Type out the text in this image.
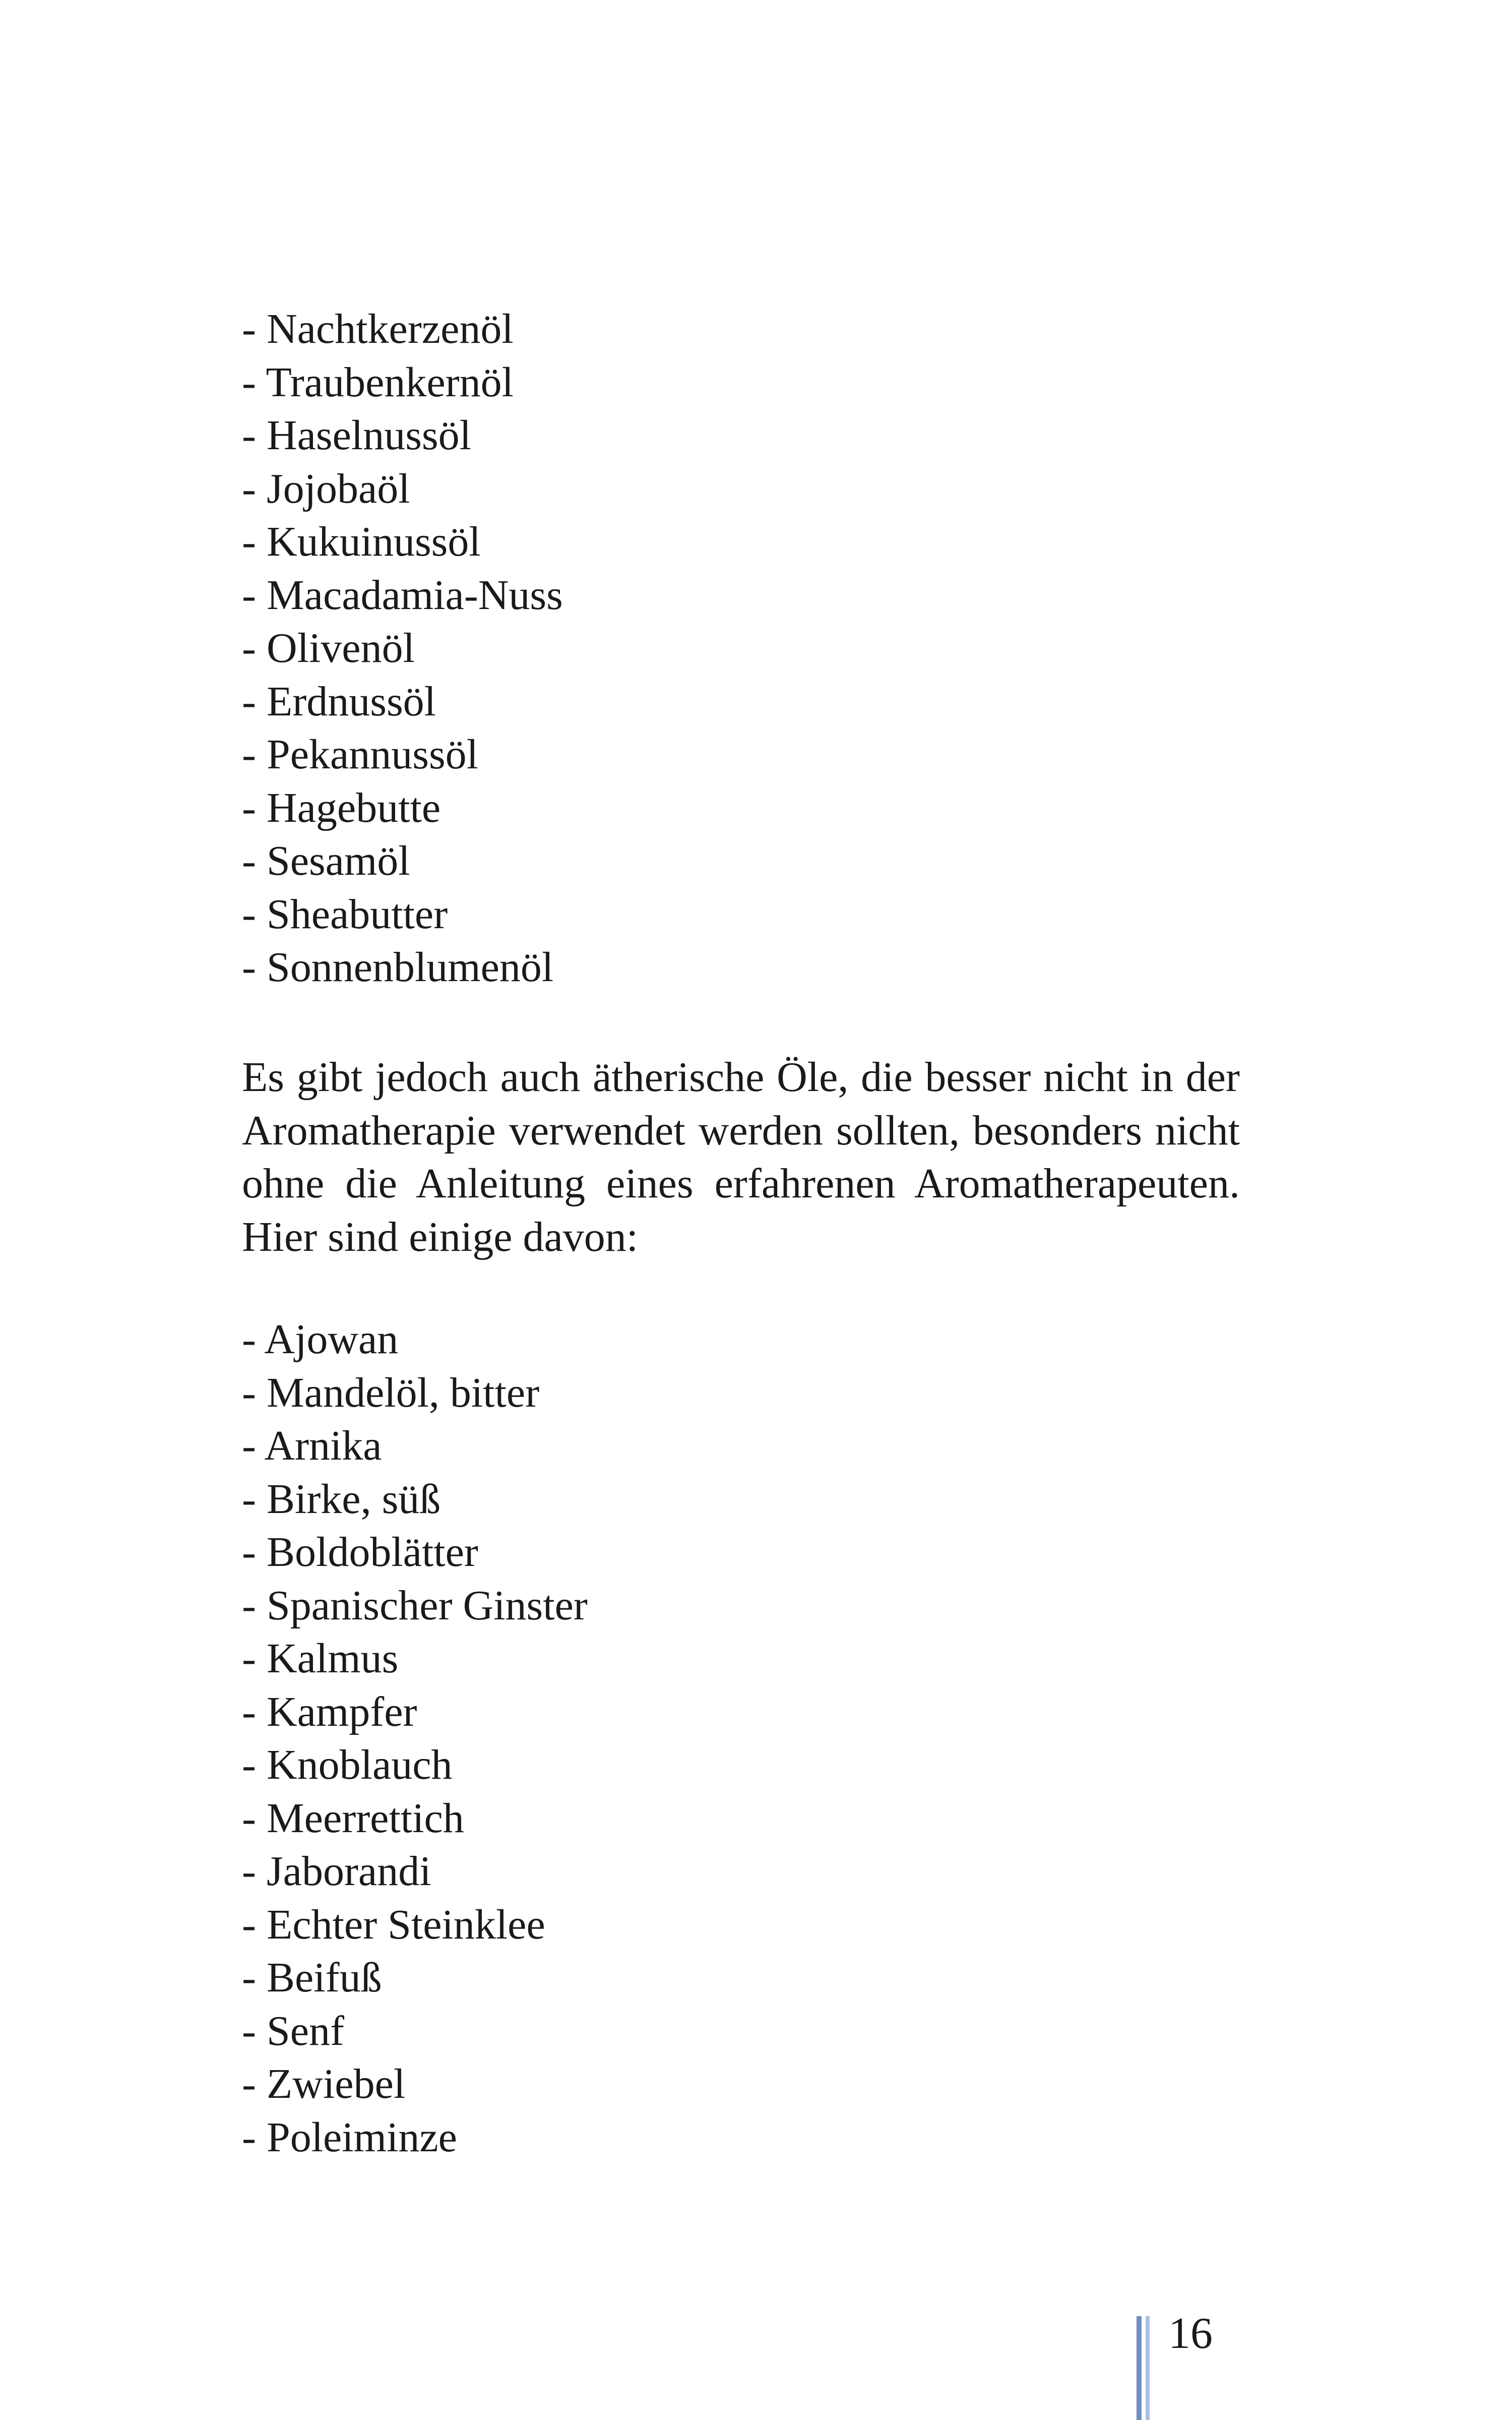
- Nachtkerzenöl
- Traubenkernöl
- Haselnussöl
- Jojobaöl
- Kukuinussöl
- Macadamia-Nuss
- Olivenöl
- Erdnussöl
- Pekannussöl
- Hagebutte
- Sesamöl
- Sheabutter
- Sonnenblumenöl

Es gibt jedoch auch ätherische Öle, die besser nicht in der Aromatherapie verwendet werden sollten, besonders nicht ohne die Anleitung eines erfahrenen Aromatherapeuten. Hier sind einige davon:

- Ajowan
- Mandelöl, bitter
- Arnika
- Birke, süß
- Boldoblätter
- Spanischer Ginster
- Kalmus
- Kampfer
- Knoblauch
- Meerrettich
- Jaborandi
- Echter Steinklee
- Beifuß
- Senf
- Zwiebel
- Poleiminze
16
